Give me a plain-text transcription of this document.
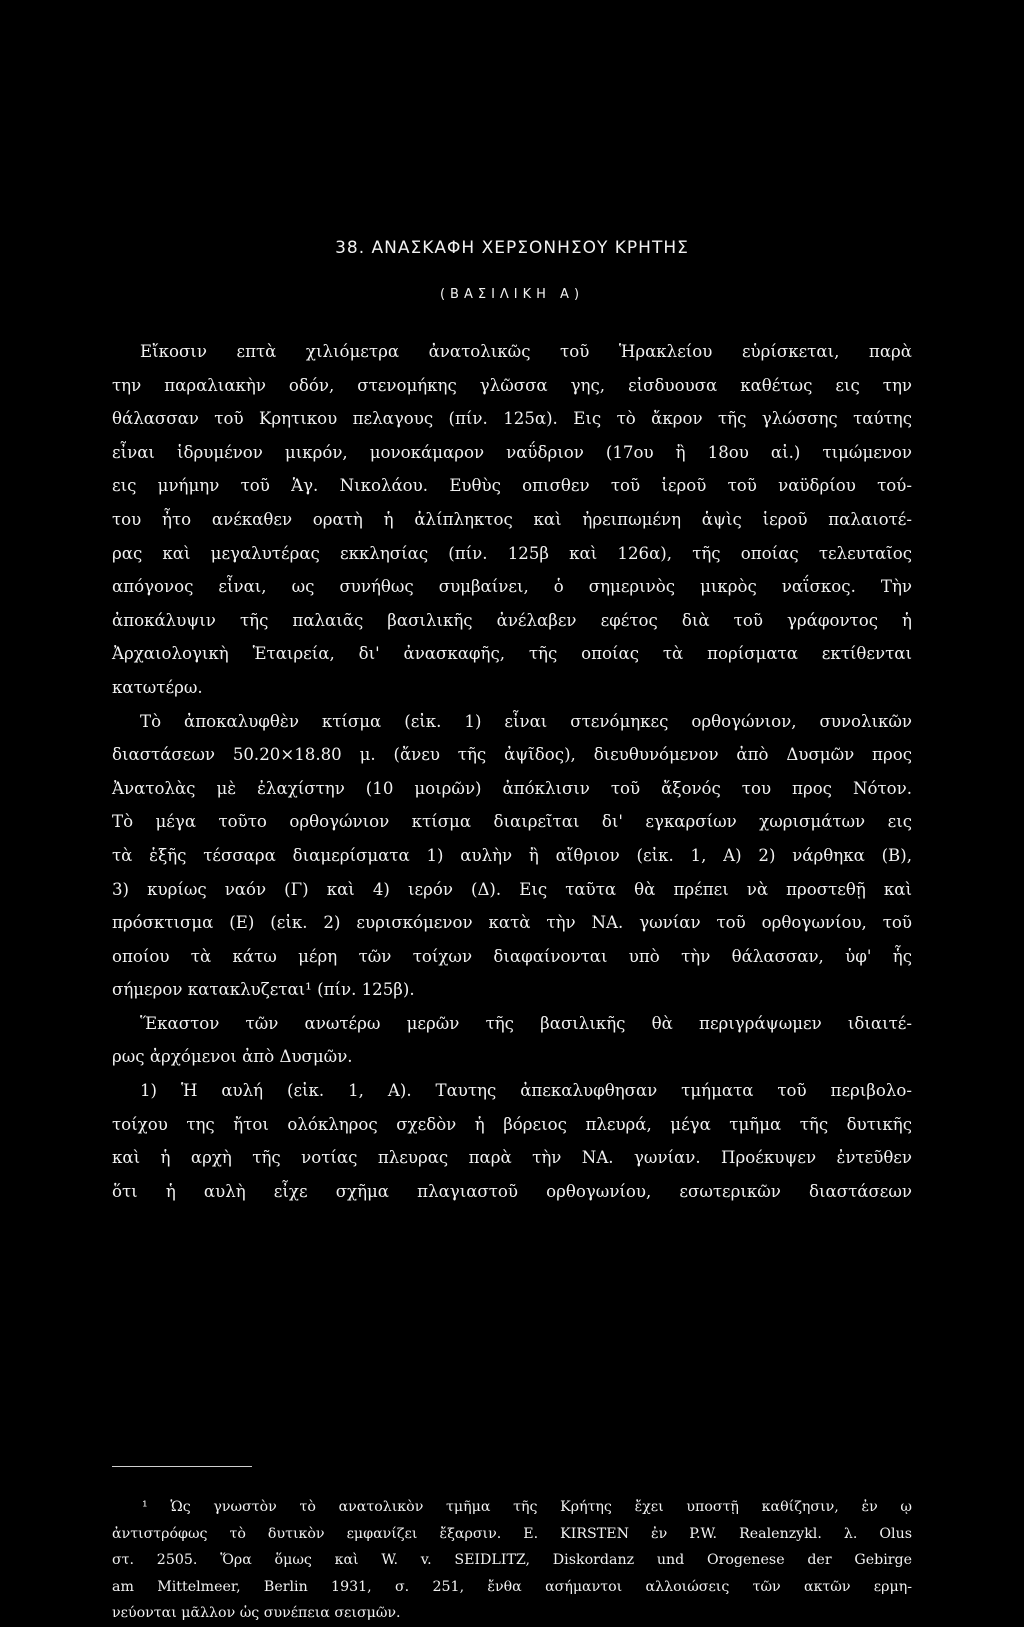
38. ΑΝΑΣΚΑΦΗ ΧΕΡΣΟΝΗΣΟΥ ΚΡΗΤΗΣ
(ΒΑΣΙΛΙΚΗ Α)
Εἴκοσιν επτὰ χιλιόμετρα ἀνατολικῶς τοῦ Ἡρακλείου εὑρίσκεται, παρὰ
την παραλιακὴν οδόν, στενομήκης γλῶσσα γης, εἰσδυουσα καθέτως εις την
θάλασσαν τοῦ Κρητικου πελαγους (πίν. 125α). Εις τὸ ἄκρον τῆς γλώσσης ταύτης
εἶναι ἱδρυμένον μικρόν, μονοκάμαρον ναΰδριον (17ου ἢ 18ου αἰ.) τιμώμενον
εις μνήμην τοῦ Ἁγ. Νικολάου. Ευθὺς οπισθεν τοῦ ἱεροῦ τοῦ ναϋδρίου τού-
του ἦτο ανέκαθεν ορατὴ ἡ ἀλίπληκτος καὶ ἠρειπωμένη ἁψὶς ἱεροῦ παλαιοτέ-
ρας καὶ μεγαλυτέρας εκκλησίας (πίν. 125β καὶ 126α), τῆς οποίας τελευταῖος
απόγονος εἶναι, ως συνήθως συμβαίνει, ὁ σημερινὸς μικρὸς ναΐσκος. Τὴν
ἀποκάλυψιν τῆς παλαιᾶς βασιλικῆς ἀνέλαβεν εφέτος διὰ τοῦ γράφοντος ἡ
Ἀρχαιολογικὴ Ἑταιρεία, δι' ἀνασκαφῆς, τῆς οποίας τὰ πορίσματα εκτίθενται
κατωτέρω.
Τὸ ἀποκαλυφθὲν κτίσμα (εἰκ. 1) εἶναι στενόμηκες ορθογώνιον, συνολικῶν
διαστάσεων 50.20×18.80 μ. (ἄνευ τῆς ἀψῖδος), διευθυνόμενον ἀπὸ Δυσμῶν προς
Ἀνατολὰς μὲ ἐλαχίστην (10 μοιρῶν) ἀπόκλισιν τοῦ ἄξονός του προς Νότον.
Τὸ μέγα τοῦτο ορθογώνιον κτίσμα διαιρεῖται δι' εγκαρσίων χωρισμάτων εις
τὰ ἑξῆς τέσσαρα διαμερίσματα 1) αυλὴν ἢ αἴθριον (εἰκ. 1, Α) 2) νάρθηκα (Β),
3) κυρίως ναόν (Γ) καὶ 4) ιερόν (Δ). Εις ταῦτα θὰ πρέπει νὰ προστεθῇ καὶ
πρόσκτισμα (Ε) (εἰκ. 2) ευρισκόμενον κατὰ τὴν ΝΑ. γωνίαν τοῦ ορθογωνίου, τοῦ
οποίου τὰ κάτω μέρη τῶν τοίχων διαφαίνονται υπὸ τὴν θάλασσαν, ὑφ' ἧς
σήμερον κατακλυζεται¹ (πίν. 125β).
Ἕκαστον τῶν ανωτέρω μερῶν τῆς βασιλικῆς θὰ περιγράψωμεν ιδιαιτέ-
ρως ἀρχόμενοι ἀπὸ Δυσμῶν.
1) Ἡ αυλή (εἰκ. 1, Α). Ταυτης ἀπεκαλυφθησαν τμήματα τοῦ περιβολο-
τοίχου της ἤτοι ολόκληρος σχεδὸν ἡ βόρειος πλευρά, μέγα τμῆμα τῆς δυτικῆς
καὶ ἡ αρχὴ τῆς νοτίας πλευρας παρὰ τὴν ΝΑ. γωνίαν. Προέκυψεν ἐντεῦθεν
ὅτι ἡ αυλὴ εἶχε σχῆμα πλαγιαστοῦ ορθογωνίου, εσωτερικῶν διαστάσεων
¹ Ὡς γνωστὸν τὸ ανατολικὸν τμῆμα τῆς Κρήτης ἔχει υποστῇ καθίζησιν, ἐν ῳ
ἀντιστρόφως τὸ δυτικὸν εμφανίζει ἔξαρσιν. Ε. KIRSTEN ἐν P.W. Realenzykl. λ. Olus
στ. 2505. Ὅρα ὅμως καὶ W. v. SEIDLITZ, Diskordanz und Orogenese der Gebirge
am Mittelmeer, Berlin 1931, σ. 251, ἔνθα ασήμαντοι αλλοιώσεις τῶν ακτῶν ερμη-
νεύονται μᾶλλον ὡς συνέπεια σεισμῶν.
